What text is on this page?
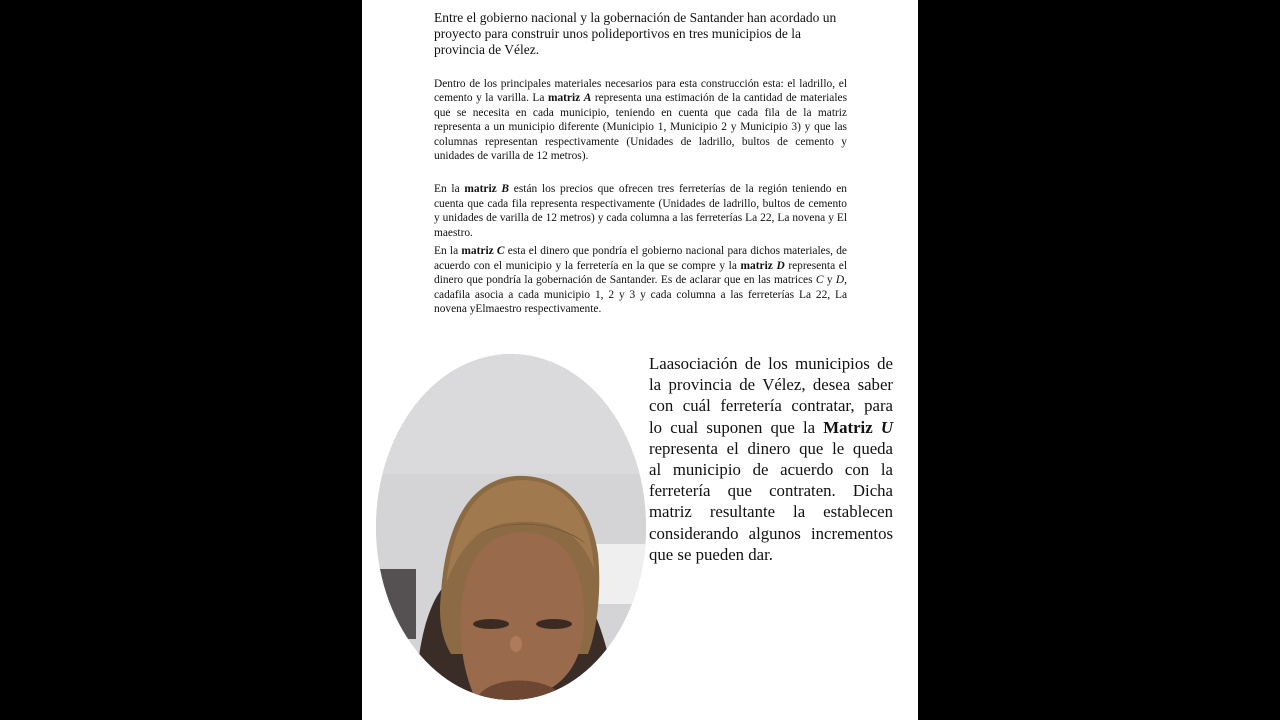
Entre el gobierno nacional y la gobernación de Santander han acordado un proyecto para construir unos polideportivos en tres municipios de la provincia de Vélez.

Dentro de los principales materiales necesarios para esta construcción esta: el ladrillo, el cemento y la varilla. La matriz A representa una estimación de la cantidad de materiales que se necesita en cada municipio, teniendo en cuenta que cada fila de la matriz representa a un municipio diferente (Municipio 1, Municipio 2 y Municipio 3) y que las columnas representan respectivamente (Unidades de ladrillo, bultos de cemento y unidades de varilla de 12 metros).

En la matriz B están los precios que ofrecen tres ferreterías de la región teniendo en cuenta que cada fila representa respectivamente (Unidades de ladrillo, bultos de cemento y unidades de varilla de 12 metros) y cada columna a las ferreterías La 22, La novena y El maestro.

En la matriz C esta el dinero que pondría el gobierno nacional para dichos materiales, de acuerdo con el municipio y la ferretería en la que se compre y la matriz D representa el dinero que pondría la gobernación de Santander. Es de aclarar que en las matrices C y D, cadafila asocia a cada municipio 1, 2 y 3 y cada columna a las ferreterías La 22, La novena yElmaestro respectivamente.

Laasociación de los municipios de
la provincia de Vélez, desea saber
con cuál ferretería contratar, para
lo cual suponen que la Matriz U
representa el dinero que le queda
al municipio de acuerdo con la
ferretería que contraten. Dicha
matriz resultante la establecen
considerando algunos incrementos
que se pueden dar.
